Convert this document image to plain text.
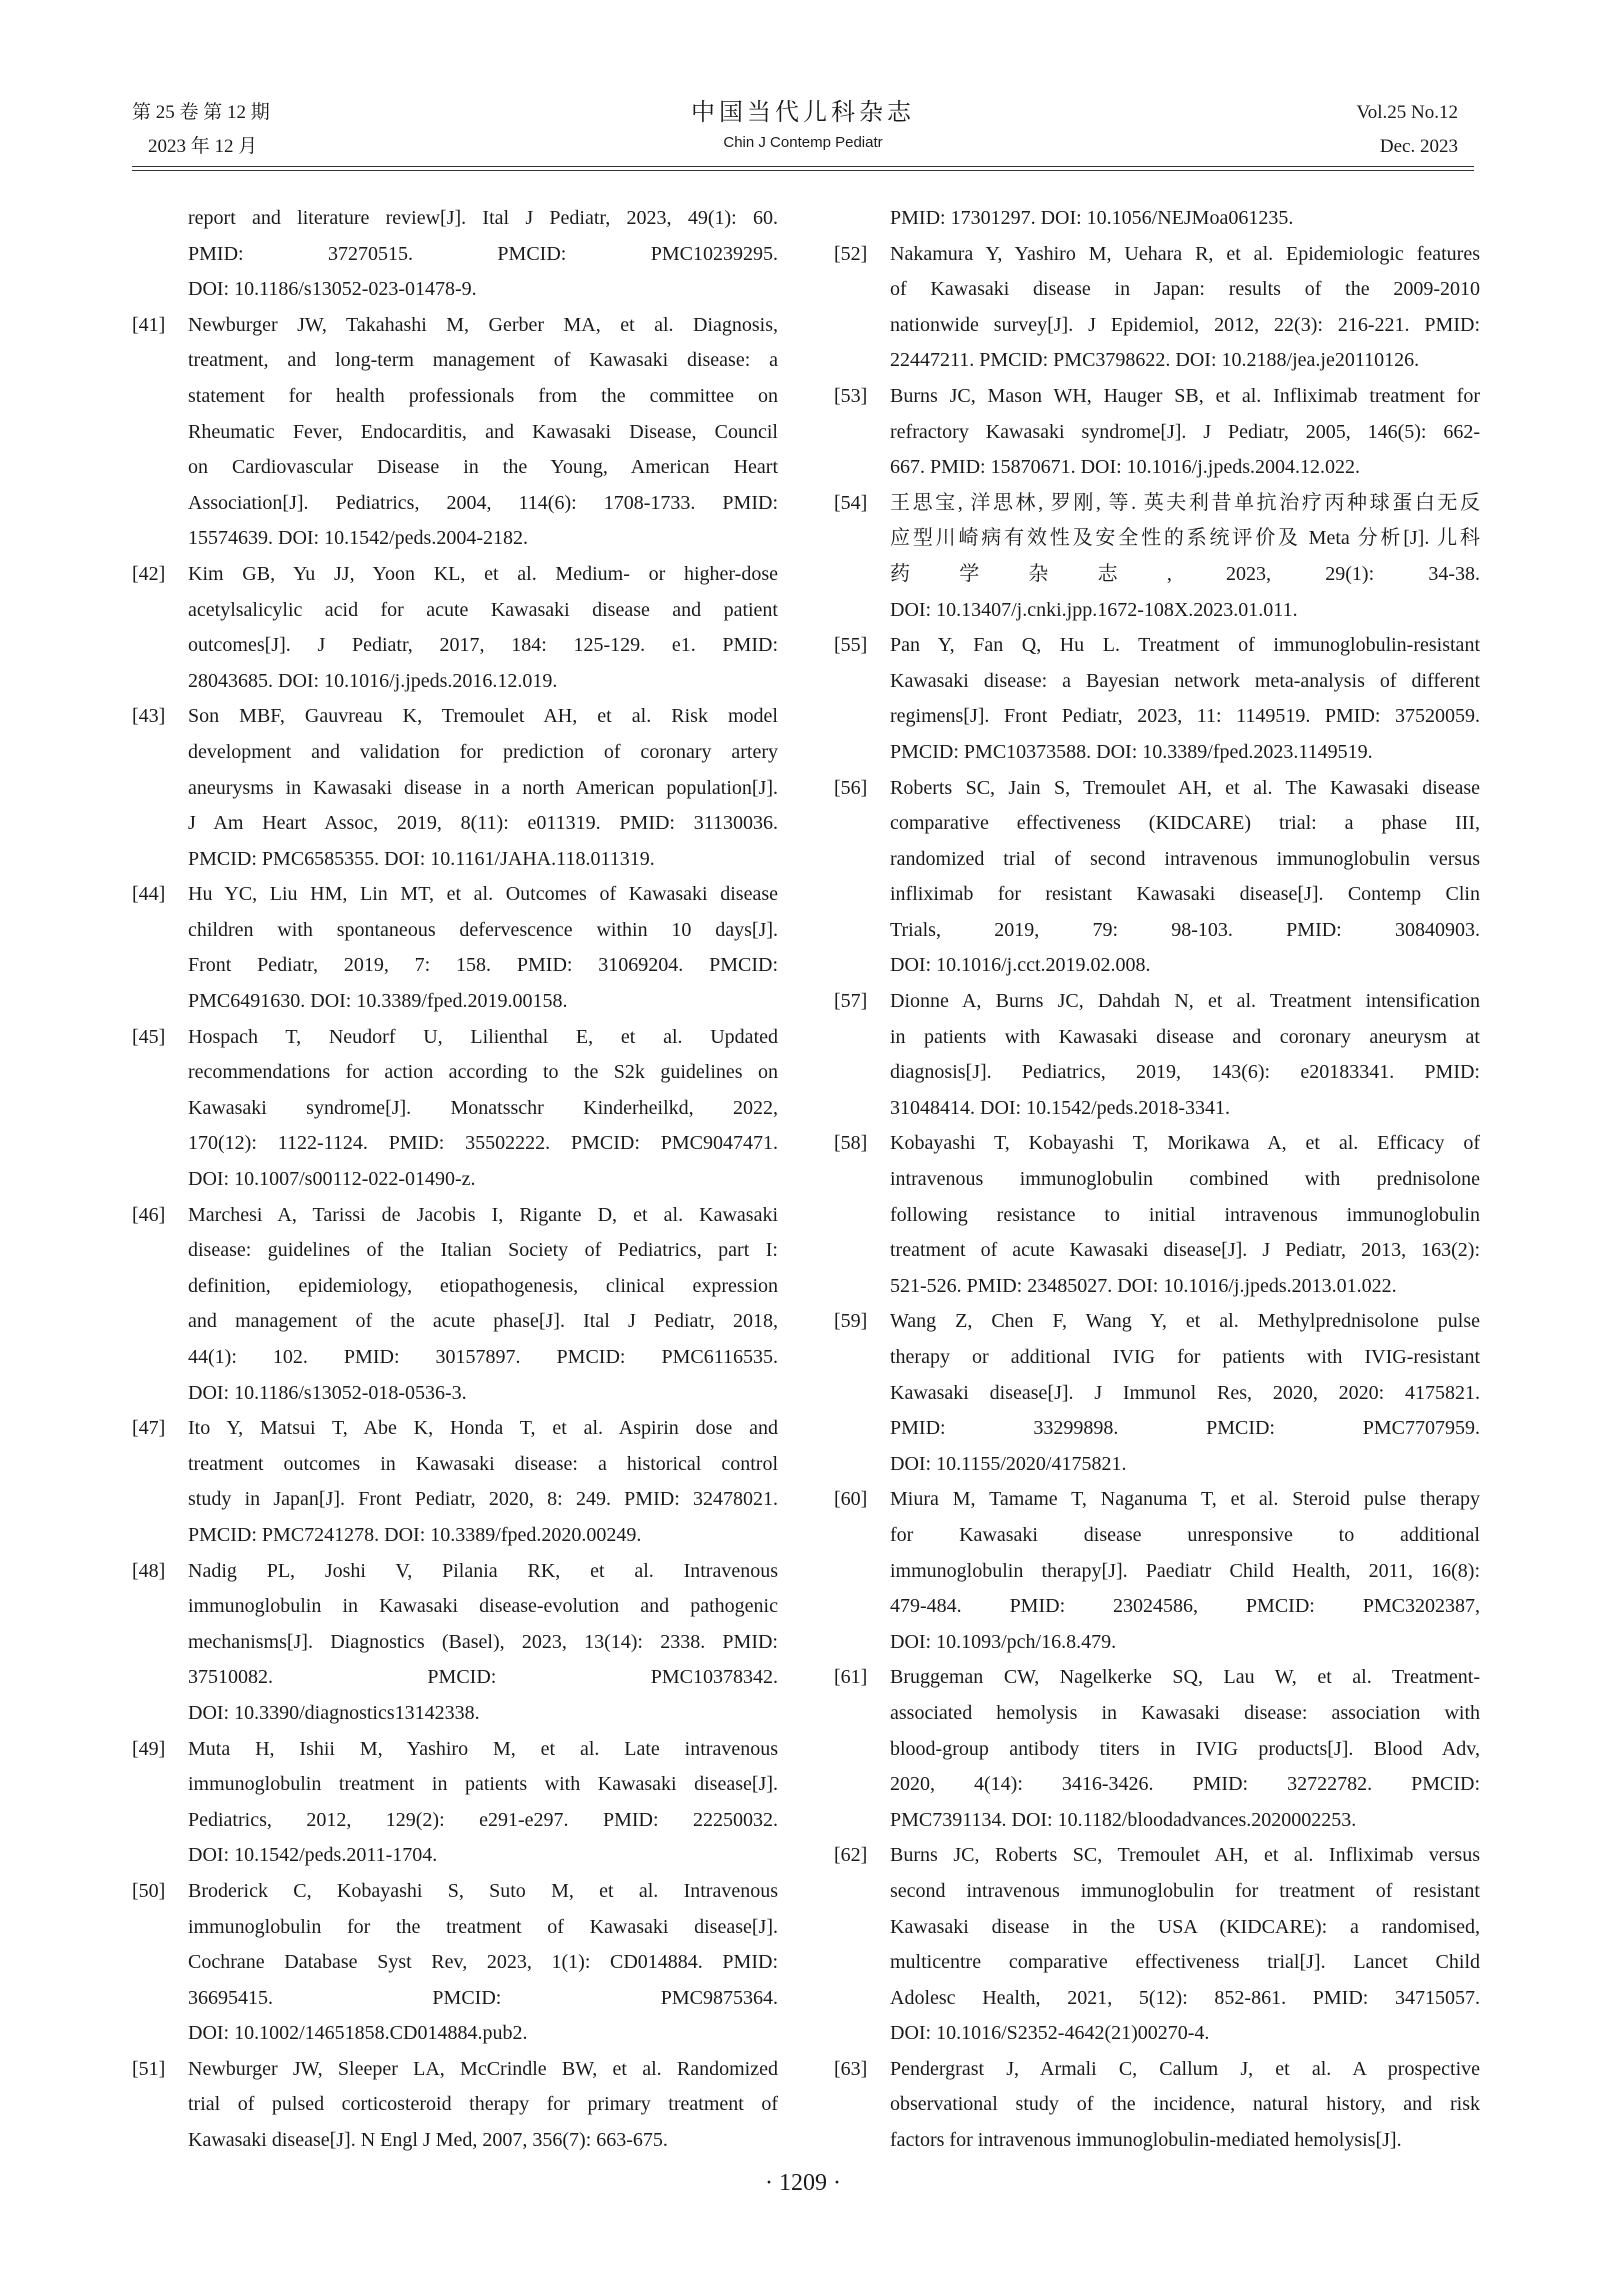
第 25 卷 第 12 期
2023 年 12 月
中国当代儿科杂志
Chin J Contemp Pediatr
Vol.25 No.12
Dec. 2023
report and literature review[J]. Ital J Pediatr, 2023, 49(1): 60.
PMID: 37270515. PMCID: PMC10239295.
DOI: 10.1186/s13052-023-01478-9.
[41] Newburger JW, Takahashi M, Gerber MA, et al. Diagnosis,
treatment, and long-term management of Kawasaki disease: a
statement for health professionals from the committee on
Rheumatic Fever, Endocarditis, and Kawasaki Disease, Council
on Cardiovascular Disease in the Young, American Heart
Association[J]. Pediatrics, 2004, 114(6): 1708-1733. PMID:
15574639. DOI: 10.1542/peds.2004-2182.
[42] Kim GB, Yu JJ, Yoon KL, et al. Medium- or higher-dose
acetylsalicylic acid for acute Kawasaki disease and patient
outcomes[J]. J Pediatr, 2017, 184: 125-129. e1. PMID:
28043685. DOI: 10.1016/j.jpeds.2016.12.019.
[43] Son MBF, Gauvreau K, Tremoulet AH, et al. Risk model
development and validation for prediction of coronary artery
aneurysms in Kawasaki disease in a north American population[J].
J Am Heart Assoc, 2019, 8(11): e011319. PMID: 31130036.
PMCID: PMC6585355. DOI: 10.1161/JAHA.118.011319.
[44] Hu YC, Liu HM, Lin MT, et al. Outcomes of Kawasaki disease
children with spontaneous defervescence within 10 days[J].
Front Pediatr, 2019, 7: 158. PMID: 31069204. PMCID:
PMC6491630. DOI: 10.3389/fped.2019.00158.
[45] Hospach T, Neudorf U, Lilienthal E, et al. Updated
recommendations for action according to the S2k guidelines on
Kawasaki syndrome[J]. Monatsschr Kinderheilkd, 2022,
170(12): 1122-1124. PMID: 35502222. PMCID: PMC9047471.
DOI: 10.1007/s00112-022-01490-z.
[46] Marchesi A, Tarissi de Jacobis I, Rigante D, et al. Kawasaki
disease: guidelines of the Italian Society of Pediatrics, part I:
definition, epidemiology, etiopathogenesis, clinical expression
and management of the acute phase[J]. Ital J Pediatr, 2018,
44(1): 102. PMID: 30157897. PMCID: PMC6116535.
DOI: 10.1186/s13052-018-0536-3.
[47] Ito Y, Matsui T, Abe K, Honda T, et al. Aspirin dose and
treatment outcomes in Kawasaki disease: a historical control
study in Japan[J]. Front Pediatr, 2020, 8: 249. PMID: 32478021.
PMCID: PMC7241278. DOI: 10.3389/fped.2020.00249.
[48] Nadig PL, Joshi V, Pilania RK, et al. Intravenous
immunoglobulin in Kawasaki disease-evolution and pathogenic
mechanisms[J]. Diagnostics (Basel), 2023, 13(14): 2338. PMID:
37510082. PMCID: PMC10378342.
DOI: 10.3390/diagnostics13142338.
[49] Muta H, Ishii M, Yashiro M, et al. Late intravenous
immunoglobulin treatment in patients with Kawasaki disease[J].
Pediatrics, 2012, 129(2): e291-e297. PMID: 22250032.
DOI: 10.1542/peds.2011-1704.
[50] Broderick C, Kobayashi S, Suto M, et al. Intravenous
immunoglobulin for the treatment of Kawasaki disease[J].
Cochrane Database Syst Rev, 2023, 1(1): CD014884. PMID:
36695415. PMCID: PMC9875364.
DOI: 10.1002/14651858.CD014884.pub2.
[51] Newburger JW, Sleeper LA, McCrindle BW, et al. Randomized
trial of pulsed corticosteroid therapy for primary treatment of
Kawasaki disease[J]. N Engl J Med, 2007, 356(7): 663-675.
PMID: 17301297. DOI: 10.1056/NEJMoa061235.
[52] Nakamura Y, Yashiro M, Uehara R, et al. Epidemiologic features
of Kawasaki disease in Japan: results of the 2009-2010
nationwide survey[J]. J Epidemiol, 2012, 22(3): 216-221. PMID:
22447211. PMCID: PMC3798622. DOI: 10.2188/jea.je20110126.
[53] Burns JC, Mason WH, Hauger SB, et al. Infliximab treatment for
refractory Kawasaki syndrome[J]. J Pediatr, 2005, 146(5): 662-
667. PMID: 15870671. DOI: 10.1016/j.jpeds.2004.12.022.
[54] 王思宝, 洋思林, 罗刚, 等. 英夫利昔单抗治疗丙种球蛋白无反
应型川崎病有效性及安全性的系统评价及 Meta 分析[J]. 儿科
药学杂志, 2023, 29(1): 34-38.
DOI: 10.13407/j.cnki.jpp.1672-108X.2023.01.011.
[55] Pan Y, Fan Q, Hu L. Treatment of immunoglobulin-resistant
Kawasaki disease: a Bayesian network meta-analysis of different
regimens[J]. Front Pediatr, 2023, 11: 1149519. PMID: 37520059.
PMCID: PMC10373588. DOI: 10.3389/fped.2023.1149519.
[56] Roberts SC, Jain S, Tremoulet AH, et al. The Kawasaki disease
comparative effectiveness (KIDCARE) trial: a phase III,
randomized trial of second intravenous immunoglobulin versus
infliximab for resistant Kawasaki disease[J]. Contemp Clin
Trials, 2019, 79: 98-103. PMID: 30840903.
DOI: 10.1016/j.cct.2019.02.008.
[57] Dionne A, Burns JC, Dahdah N, et al. Treatment intensification
in patients with Kawasaki disease and coronary aneurysm at
diagnosis[J]. Pediatrics, 2019, 143(6): e20183341. PMID:
31048414. DOI: 10.1542/peds.2018-3341.
[58] Kobayashi T, Kobayashi T, Morikawa A, et al. Efficacy of
intravenous immunoglobulin combined with prednisolone
following resistance to initial intravenous immunoglobulin
treatment of acute Kawasaki disease[J]. J Pediatr, 2013, 163(2):
521-526. PMID: 23485027. DOI: 10.1016/j.jpeds.2013.01.022.
[59] Wang Z, Chen F, Wang Y, et al. Methylprednisolone pulse
therapy or additional IVIG for patients with IVIG-resistant
Kawasaki disease[J]. J Immunol Res, 2020, 2020: 4175821.
PMID: 33299898. PMCID: PMC7707959.
DOI: 10.1155/2020/4175821.
[60] Miura M, Tamame T, Naganuma T, et al. Steroid pulse therapy
for Kawasaki disease unresponsive to additional
immunoglobulin therapy[J]. Paediatr Child Health, 2011, 16(8):
479-484. PMID: 23024586, PMCID: PMC3202387,
DOI: 10.1093/pch/16.8.479.
[61] Bruggeman CW, Nagelkerke SQ, Lau W, et al. Treatment-
associated hemolysis in Kawasaki disease: association with
blood-group antibody titers in IVIG products[J]. Blood Adv,
2020, 4(14): 3416-3426. PMID: 32722782. PMCID:
PMC7391134. DOI: 10.1182/bloodadvances.2020002253.
[62] Burns JC, Roberts SC, Tremoulet AH, et al. Infliximab versus
second intravenous immunoglobulin for treatment of resistant
Kawasaki disease in the USA (KIDCARE): a randomised,
multicentre comparative effectiveness trial[J]. Lancet Child
Adolesc Health, 2021, 5(12): 852-861. PMID: 34715057.
DOI: 10.1016/S2352-4642(21)00270-4.
[63] Pendergrast J, Armali C, Callum J, et al. A prospective
observational study of the incidence, natural history, and risk
factors for intravenous immunoglobulin-mediated hemolysis[J].
· 1209 ·
